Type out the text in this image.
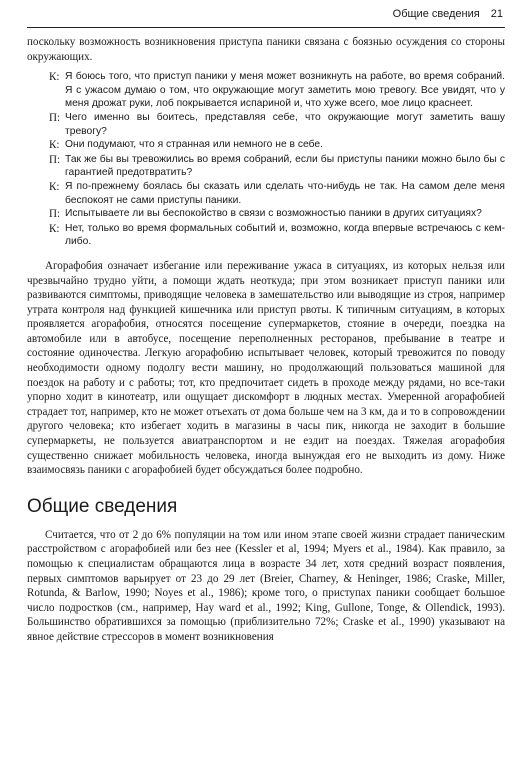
Общие сведения 21

поскольку возможность возникновения приступа паники связана с боязнью осуждения со стороны окружающих.

К: Я боюсь того, что приступ паники у меня может возникнуть на работе, во время собраний. Я с ужасом думаю о том, что окружающие могут заметить мою тревогу. Все увидят, что у меня дрожат руки, лоб покрывается испариной и, что хуже всего, мое лицо краснеет.
П: Чего именно вы боитесь, представляя себе, что окружающие могут заметить вашу тревогу?
К: Они подумают, что я странная или немного не в себе.
П: Так же бы вы тревожились во время собраний, если бы приступы паники можно было бы с гарантией предотвратить?
К: Я по-прежнему боялась бы сказать или сделать что-нибудь не так. На самом деле меня беспокоят не сами приступы паники.
П: Испытываете ли вы беспокойство в связи с возможностью паники в других ситуациях?
К: Нет, только во время формальных событий и, возможно, когда впервые встречаюсь с кем-либо.

Агорафобия означает избегание или переживание ужаса в ситуациях, из которых нельзя или чрезвычайно трудно уйти, а помощи ждать неоткуда; при этом возникает приступ паники или развиваются симптомы, приводящие человека в замешательство или выводящие из строя, например утрата контроля над функцией кишечника или приступ рвоты. К типичным ситуациям, в которых проявляется агорафобия, относятся посещение супермаркетов, стояние в очереди, поездка на автомобиле или в автобусе, посещение переполненных ресторанов, пребывание в театре и состояние одиночества. Легкую агорафобию испытывает человек, который тревожится по поводу необходимости одному подолгу вести машину, но продолжающий пользоваться машиной для поездок на работу и с работы; тот, кто предпочитает сидеть в проходе между рядами, но все-таки упорно ходит в кинотеатр, или ощущает дискомфорт в людных местах. Умеренной агорафобией страдает тот, например, кто не может отъехать от дома больше чем на 3 км, да и то в сопровождении другого человека; кто избегает ходить в магазины в часы пик, никогда не заходит в большие супермаркеты, не пользуется авиатранспортом и не ездит на поездах. Тяжелая агорафобия существенно снижает мобильность человека, иногда вынуждая его не выходить из дому. Ниже взаимосвязь паники с агорафобией будет обсуждаться более подробно.

Общие сведения

Считается, что от 2 до 6% популяции на том или ином этапе своей жизни страдает паническим расстройством с агорафобией или без нее (Kessler et al, 1994; Myers et al., 1984). Как правило, за помощью к специалистам обращаются лица в возрасте 34 лет, хотя средний возраст появления, первых симптомов варьирует от 23 до 29 лет (Breier, Charney, & Heninger, 1986; Craske, Miller, Rotunda, & Barlow, 1990; Noyes et al., 1986); кроме того, о приступах паники сообщает большое число подростков (см., например, Hay ward et al., 1992; King, Gullone, Tonge, & Ollendick, 1993). Большинство обратившихся за помощью (приблизительно 72%; Craske et al., 1990) указывают на явное действие стрессоров в момент возникновения
